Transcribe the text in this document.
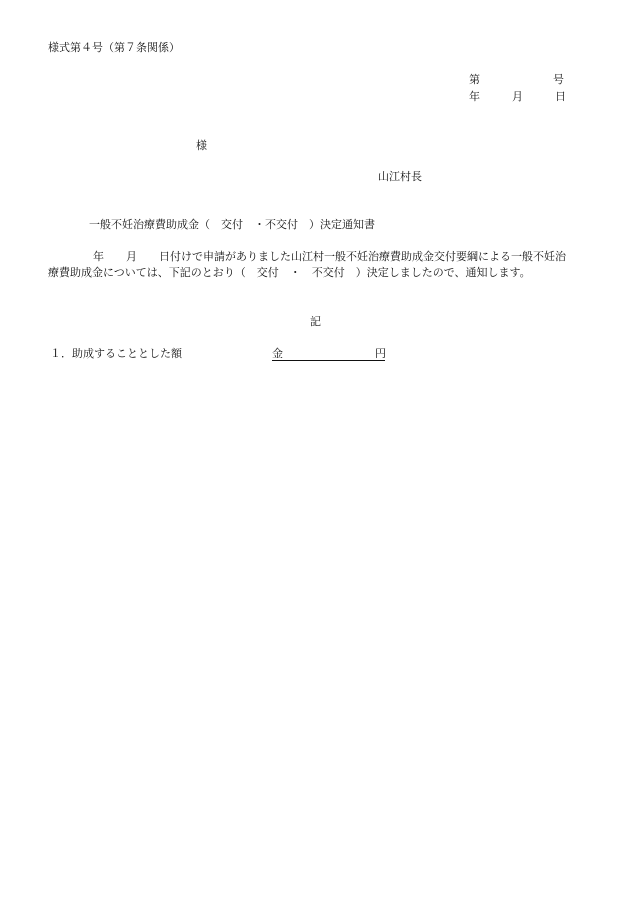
様式第４号（第７条関係）
第	号
年	月	日
様
山江村長
一般不妊治療費助成金（　交付　・不交付　）決定通知書
年　　月　　日付けで申請がありました山江村一般不妊治療費助成金交付要綱による一般不妊治
療費助成金については、下記のとおり（　交付　・　不交付　）決定しましたので、通知します。
記
１．助成することとした額	金	円
